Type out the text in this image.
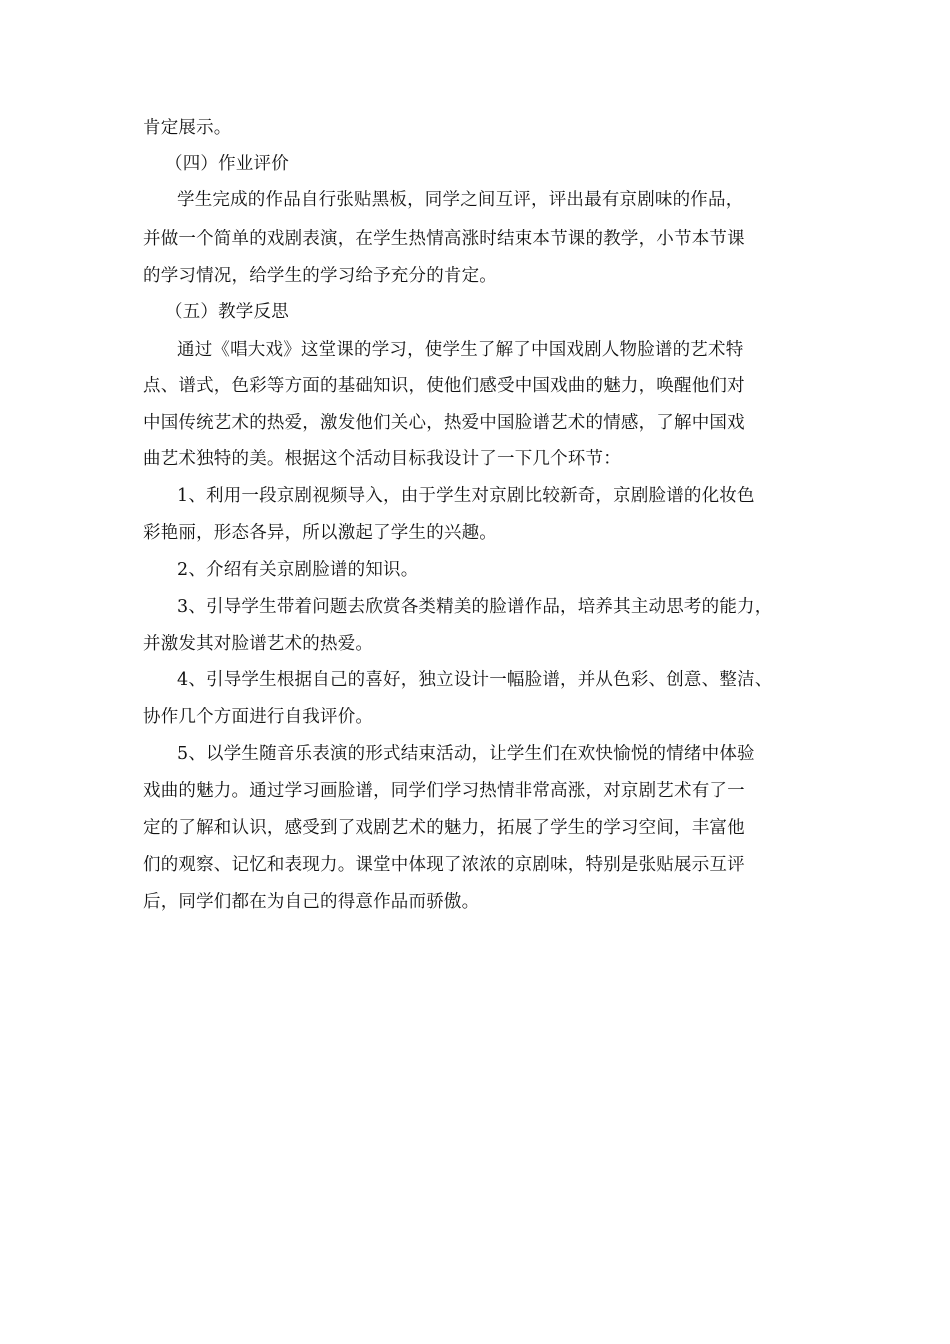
肯定展示。
（四）作业评价
学生完成的作品自行张贴黑板，同学之间互评，评出最有京剧味的作品，
并做一个简单的戏剧表演，在学生热情高涨时结束本节课的教学，小节本节课
的学习情况，给学生的学习给予充分的肯定。
（五）教学反思
通过《唱大戏》这堂课的学习，使学生了解了中国戏剧人物脸谱的艺术特
点、谱式，色彩等方面的基础知识，使他们感受中国戏曲的魅力，唤醒他们对
中国传统艺术的热爱，激发他们关心，热爱中国脸谱艺术的情感，了解中国戏
曲艺术独特的美。根据这个活动目标我设计了一下几个环节：
1、利用一段京剧视频导入，由于学生对京剧比较新奇，京剧脸谱的化妆色
彩艳丽，形态各异，所以激起了学生的兴趣。
2、介绍有关京剧脸谱的知识。
3、引导学生带着问题去欣赏各类精美的脸谱作品，培养其主动思考的能力，
并激发其对脸谱艺术的热爱。
4、引导学生根据自己的喜好，独立设计一幅脸谱，并从色彩、创意、整洁、
协作几个方面进行自我评价。
5、以学生随音乐表演的形式结束活动，让学生们在欢快愉悦的情绪中体验
戏曲的魅力。通过学习画脸谱，同学们学习热情非常高涨，对京剧艺术有了一
定的了解和认识，感受到了戏剧艺术的魅力，拓展了学生的学习空间，丰富他
们的观察、记忆和表现力。课堂中体现了浓浓的京剧味，特别是张贴展示互评
后，同学们都在为自己的得意作品而骄傲。
